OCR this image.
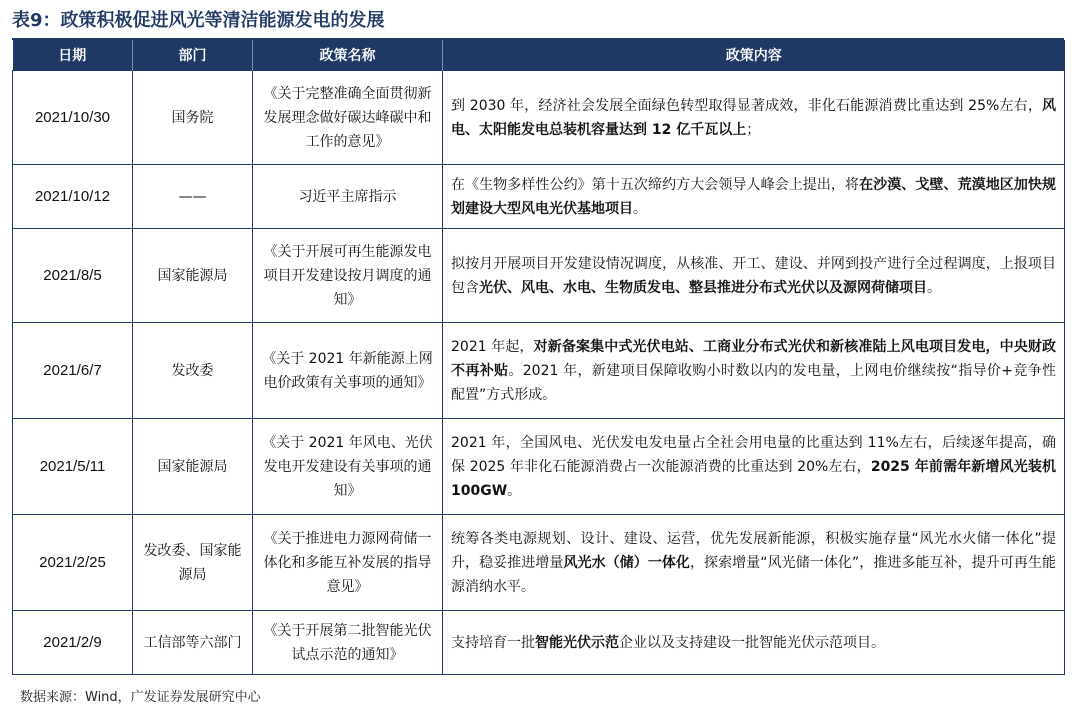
表9：政策积极促进风光等清洁能源发电的发展
日期	部门	政策名称	政策内容
2021/10/30	国务院	《关于完整准确全面贯彻新发展理念做好碳达峰碳中和工作的意见》	到 2030 年，经济社会发展全面绿色转型取得显著成效，非化石能源消费比重达到 25%左右，风电、太阳能发电总装机容量达到 12 亿千瓦以上；
2021/10/12	——	习近平主席指示	在《生物多样性公约》第十五次缔约方大会领导人峰会上提出，将在沙漠、戈壁、荒漠地区加快规划建设大型风电光伏基地项目。
2021/8/5	国家能源局	《关于开展可再生能源发电项目开发建设按月调度的通知》	拟按月开展项目开发建设情况调度，从核准、开工、建设、并网到投产进行全过程调度，上报项目包含光伏、风电、水电、生物质发电、整县推进分布式光伏以及源网荷储项目。
2021/6/7	发改委	《关于 2021 年新能源上网电价政策有关事项的通知》	2021 年起，对新备案集中式光伏电站、工商业分布式光伏和新核准陆上风电项目发电，中央财政不再补贴。2021 年，新建项目保障收购小时数以内的发电量，上网电价继续按“指导价+竞争性配置”方式形成。
2021/5/11	国家能源局	《关于 2021 年风电、光伏发电开发建设有关事项的通知》	2021 年，全国风电、光伏发电发电量占全社会用电量的比重达到 11%左右，后续逐年提高，确保 2025 年非化石能源消费占一次能源消费的比重达到 20%左右，2025 年前需年新增风光装机 100GW。
2021/2/25	发改委、国家能源局	《关于推进电力源网荷储一体化和多能互补发展的指导意见》	统筹各类电源规划、设计、建设、运营，优先发展新能源，积极实施存量“风光水火储一体化”提升，稳妥推进增量风光水（储）一体化，探索增量“风光储一体化”，推进多能互补，提升可再生能源消纳水平。
2021/2/9	工信部等六部门	《关于开展第二批智能光伏试点示范的通知》	支持培育一批智能光伏示范企业以及支持建设一批智能光伏示范项目。
数据来源：Wind，广发证券发展研究中心
